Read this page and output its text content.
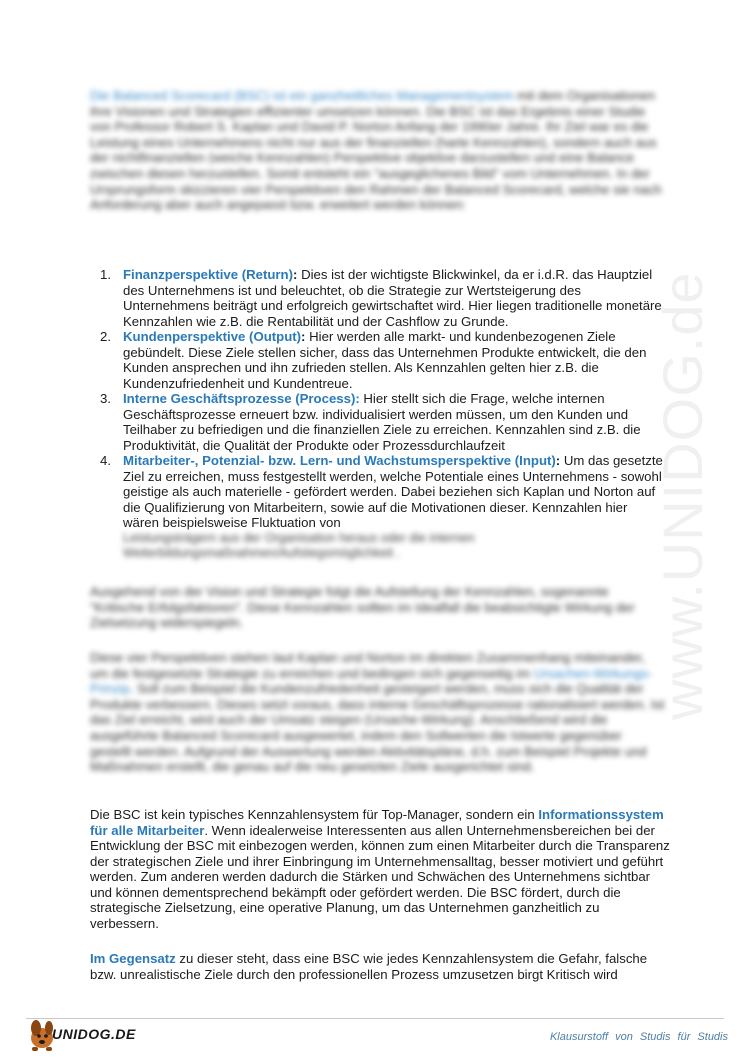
www.UNIDOG.de
Die Balanced Scorecard (BSC) ist ein ganzheitliches Managementsystem mit dem Organisationen ihre Visionen und Strategien effizienter umsetzen können. Die BSC ist das Ergebnis einer Studie von Professor Robert S. Kaplan und David P. Norton Anfang der 1990er Jahre. Ihr Ziel war es die Leistung eines Unternehmens nicht nur aus der finanziellen (harte Kennzahlen), sondern auch aus der nichtfinanziellen (weiche Kennzahlen) Perspektive objektive darzustellen und eine Balance zwischen diesen herzustellen. Somit entsteht ein "ausgeglichenes Bild" vom Unternehmen. In der Ursprungsform skizzieren vier Perspektiven den Rahmen der Balanced Scorecard, welche sie nach Anforderung aber auch angepasst bzw. erweitert werden können:
1. Finanzperspektive (Return): Dies ist der wichtigste Blickwinkel, da er i.d.R. das Hauptziel des Unternehmens ist und beleuchtet, ob die Strategie zur Wertsteigerung des Unternehmens beiträgt und erfolgreich gewirtschaftet wird. Hier liegen traditionelle monetäre Kennzahlen wie z.B. die Rentabilität und der Cashflow zu Grunde.
2. Kundenperspektive (Output): Hier werden alle markt- und kundenbezogenen Ziele gebündelt. Diese Ziele stellen sicher, dass das Unternehmen Produkte entwickelt, die den Kunden ansprechen und ihn zufrieden stellen. Als Kennzahlen gelten hier z.B. die Kundenzufriedenheit und Kundentreue.
3. Interne Geschäftsprozesse (Process): Hier stellt sich die Frage, welche internen Geschäftsprozesse erneuert bzw. individualisiert werden müssen, um den Kunden und Teilhaber zu befriedigen und die finanziellen Ziele zu erreichen. Kennzahlen sind z.B. die Produktivität, die Qualität der Produkte oder Prozessdurchlaufzeit
4. Mitarbeiter-, Potenzial- bzw. Lern- und Wachstumsperspektive (Input): Um das gesetzte Ziel zu erreichen, muss festgestellt werden, welche Potentiale eines Unternehmens - sowohl geistige als auch materielle - gefördert werden. Dabei beziehen sich Kaplan und Norton auf die Qualifizierung von Mitarbeitern, sowie auf die Motivationen dieser. Kennzahlen hier wären beispielsweise Fluktuation von
Leistungsträgern aus der Organisation heraus oder die internen Weiterbildungsmaßnahmen/Aufstiegsmöglichkeit .
Ausgehend von der Vision und Strategie folgt die Aufstellung der Kennzahlen, sogenannte "Kritische Erfolgsfaktoren". Diese Kennzahlen sollten im Idealfall die beabsichtigte Wirkung der Zielsetzung widerspiegeln.
Diese vier Perspektiven stehen laut Kaplan und Norton im direkten Zusammenhang miteinander, um die festgesetzte Strategie zu erreichen und bedingen sich gegenseitig im Ursachen-Wirkungs-Prinzip. Soll zum Beispiel die Kundenzufriedenheit gesteigert werden, muss sich die Qualität der Produkte verbessern. Dieses setzt voraus, dass interne Geschäftsprozesse rationalisiert werden. Ist das Ziel erreicht, wird auch der Umsatz steigen (Ursache-Wirkung). Anschließend wird die ausgeführte Balanced Scorecard ausgewertet, indem den Sollwerten die Istwerte gegenüber gestellt werden. Aufgrund der Auswertung werden Aktivitätspläne, d.h. zum Beispiel Projekte und Maßnahmen erstellt, die genau auf die neu gesetzten Ziele ausgerichtet sind.
Die BSC ist kein typisches Kennzahlensystem für Top-Manager, sondern ein Informationssystem für alle Mitarbeiter. Wenn idealerweise Interessenten aus allen Unternehmensbereichen bei der Entwicklung der BSC mit einbezogen werden, können zum einen Mitarbeiter durch die Transparenz der strategischen Ziele und ihrer Einbringung im Unternehmensalltag, besser motiviert und geführt werden. Zum anderen werden dadurch die Stärken und Schwächen des Unternehmens sichtbar und können dementsprechend bekämpft oder gefördert werden. Die BSC fördert, durch die strategische Zielsetzung, eine operative Planung, um das Unternehmen ganzheitlich zu verbessern.
Im Gegensatz zu dieser steht, dass eine BSC wie jedes Kennzahlensystem die Gefahr, falsche bzw. unrealistische Ziele durch den professionellen Prozess umzusetzen birgt Kritisch wird
UNIDOG.DE	Klausurstoff von Studis für Studis
